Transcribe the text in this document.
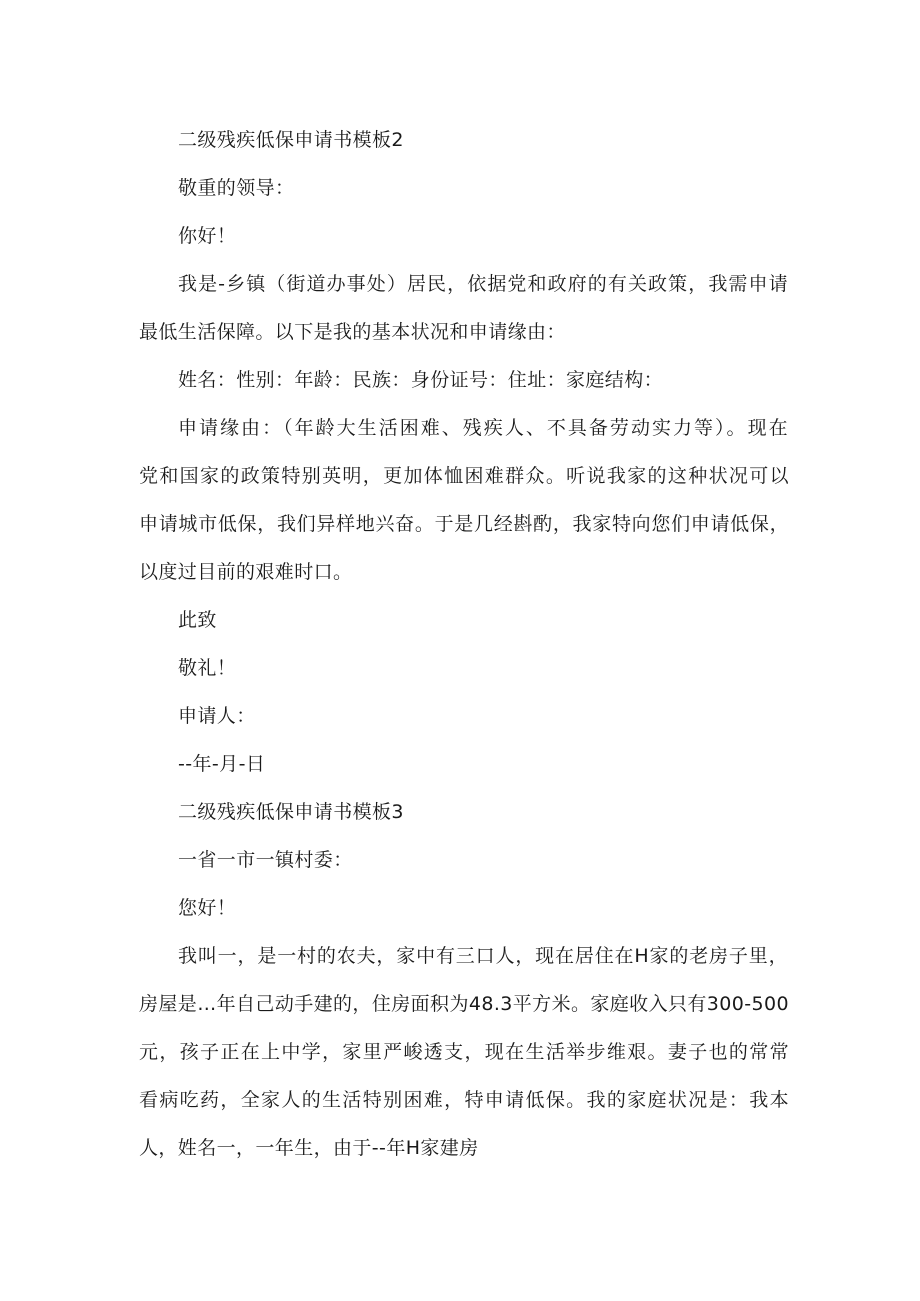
二级残疾低保申请书模板2
敬重的领导：
你好！
我是-乡镇（街道办事处）居民，依据党和政府的有关政策，我需申请
最低生活保障。以下是我的基本状况和申请缘由：
姓名：性别：年龄：民族：身份证号：住址：家庭结构：
申请缘由：（年龄大生活困难、残疾人、不具备劳动实力等）。现在
党和国家的政策特别英明，更加体恤困难群众。听说我家的这种状况可以
申请城市低保，我们异样地兴奋。于是几经斟酌，我家特向您们申请低保，
以度过目前的艰难时口。
此致
敬礼！
申请人：
--年-月-日
二级残疾低保申请书模板3
一省一市一镇村委：
您好！
我叫一，是一村的农夫，家中有三口人，现在居住在H家的老房子里，
房屋是…年自己动手建的，住房面积为48.3平方米。家庭收入只有300-500
元，孩子正在上中学，家里严峻透支，现在生活举步维艰。妻子也的常常
看病吃药，全家人的生活特别困难，特申请低保。我的家庭状况是：我本
人，姓名一，一年生，由于--年H家建房
